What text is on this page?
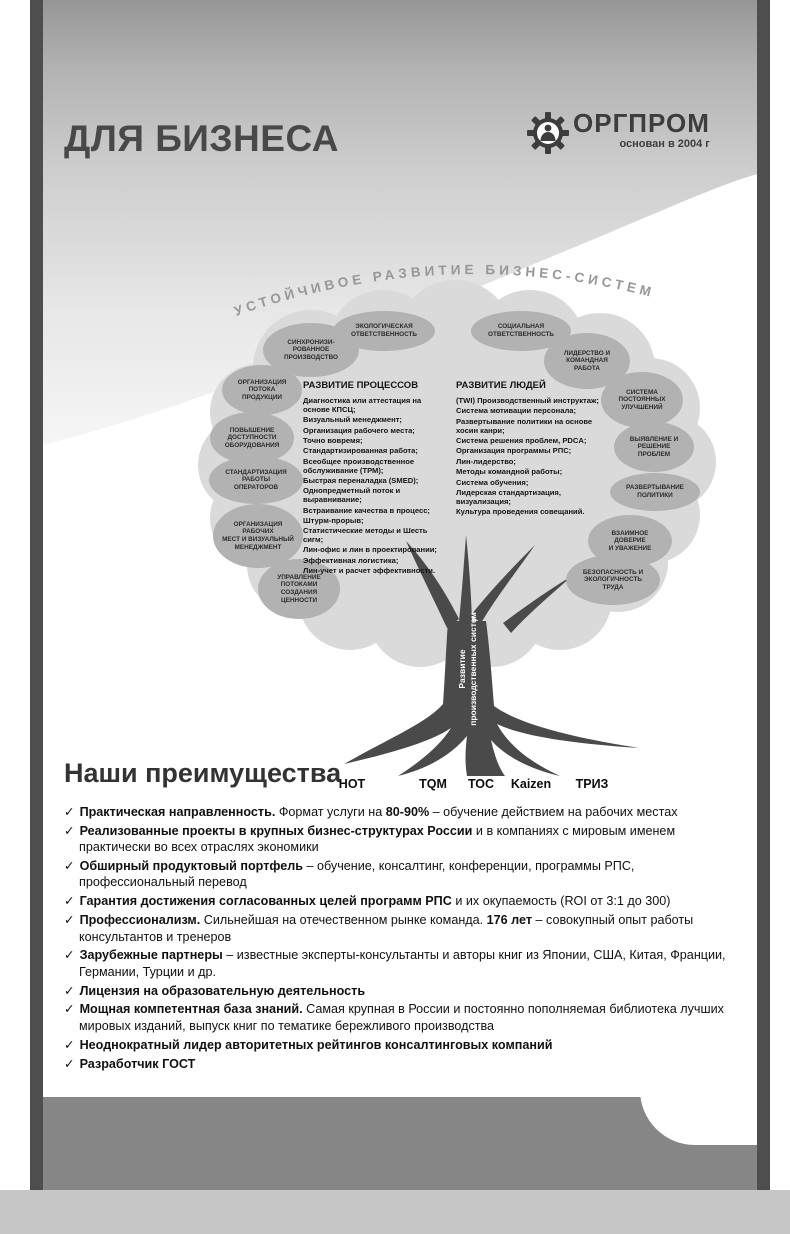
ДЛЯ БИЗНЕСА	ОРГПРОМ
основан в 2004 г
УСТОЙЧИВОЕ РАЗВИТИЕ БИЗНЕС-СИСТЕМ
СИНХРОНИЗИ-
РОВАННОЕ
ПРОИЗВОДСТВО
ЭКОЛОГИЧЕСКАЯ
ОТВЕТСТВЕННОСТЬ
СОЦИАЛЬНАЯ
ОТВЕТСТВЕННОСТЬ
ЛИДЕРСТВО И
КОМАНДНАЯ
РАБОТА
ОРГАНИЗАЦИЯ
ПОТОКА
ПРОДУКЦИИ
СИСТЕМА
ПОСТОЯННЫХ
УЛУЧШЕНИЙ
ПОВЫШЕНИЕ
ДОСТУПНОСТИ
ОБОРУДОВАНИЯ
ВЫЯВЛЕНИЕ И
РЕШЕНИЕ
ПРОБЛЕМ
СТАНДАРТИЗАЦИЯ
РАБОТЫ
ОПЕРАТОРОВ	РАЗВЕРТЫВАНИЕ
ПОЛИТИКИ
ОРГАНИЗАЦИЯ
РАБОЧИХ
МЕСТ И ВИЗУАЛЬНЫЙ
МЕНЕДЖМЕНТ
ВЗАИМНОЕ
ДОВЕРИЕ
И УВАЖЕНИЕ
УПРАВЛЕНИЕ
ПОТОКАМИ
СОЗДАНИЯ
ЦЕННОСТИ
БЕЗОПАСНОСТЬ И
ЭКОЛОГИЧНОСТЬ
ТРУДА
РАЗВИТИЕ ПРОЦЕССОВ
Диагностика или аттестация на основе КПСЦ;
Визуальный менеджмент;
Организация рабочего места;
Точно вовремя;
Стандартизированная работа;
Всеобщее производственное обслуживание (ТРМ);
Быстрая переналадка (SMED);
Однопредметный поток и выравнивание;
Встраивание качества в процесс;
Штурм-прорыв;
Статистические методы и Шесть сигм;
Лин-офис и лин в проектировании;
Эффективная логистика;
Лин-учет и расчет эффективности.
РАЗВИТИЕ ЛЮДЕЙ
(TWI) Производственный инструктаж;
Система мотивации персонала;
Развертывание политики на основе хосин канри;
Система решения проблем, PDCA;
Организация программы РПС;
Лин-лидерство;
Методы командной работы;
Система обучения;
Лидерская стандартизация, визуализация;
Культура проведения совещаний.
Развитие производственных систем
НОТ	TQM ТОС Kaizen ТРИЗ
Наши преимущества
✓ Практическая направленность. Формат услуги на 80-90% – обучение действием на рабочих местах
✓ Реализованные проекты в крупных бизнес-структурах России и в компаниях с мировым именем практически во всех отраслях экономики
✓ Обширный продуктовый портфель – обучение, консалтинг, конференции, программы РПС, профессиональный перевод
✓ Гарантия достижения согласованных целей программ РПС и их окупаемость (ROI от 3:1 до 300)
✓ Профессионализм. Сильнейшая на отечественном рынке команда. 176 лет – совокупный опыт работы консультантов и тренеров
✓ Зарубежные партнеры – известные эксперты-консультанты и авторы книг из Японии, США, Китая, Франции, Германии, Турции и др.
✓ Лицензия на образовательную деятельность
✓ Мощная компетентная база знаний. Самая крупная в России и постоянно пополняемая библиотека лучших мировых изданий, выпуск книг по тематике бережливого производства
✓ Неоднократный лидер авторитетных рейтингов консалтинговых компаний
✓ Разработчик ГОСТ
